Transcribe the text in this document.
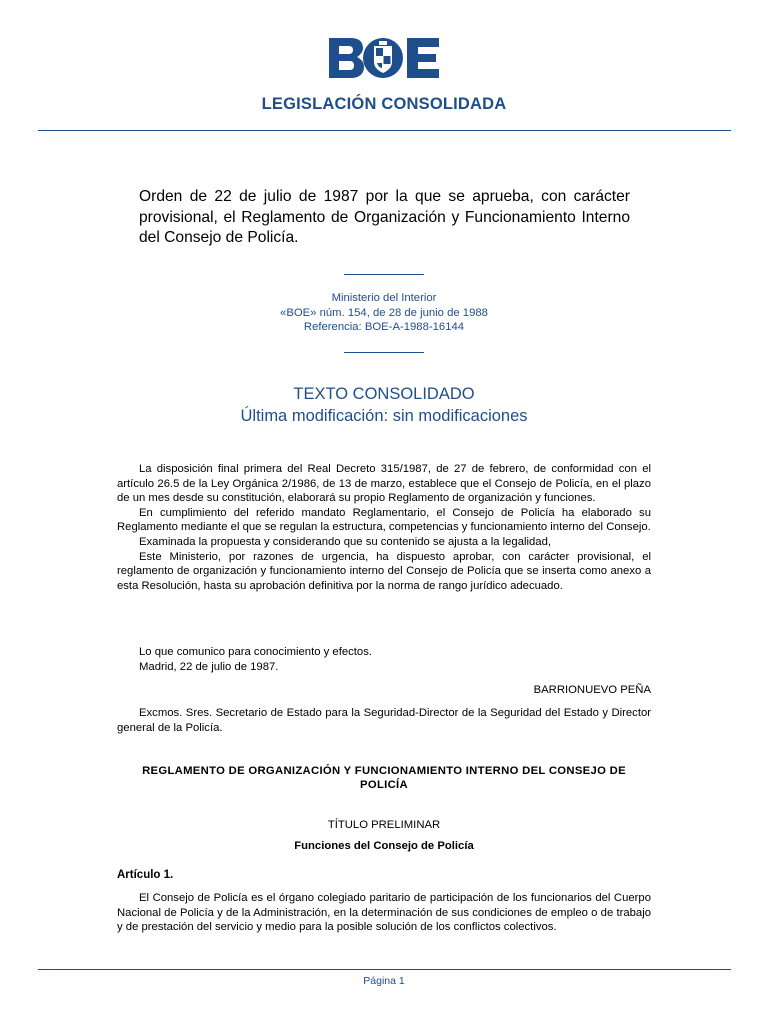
LEGISLACIÓN CONSOLIDADA
Orden de 22 de julio de 1987 por la que se aprueba, con carácter provisional, el Reglamento de Organización y Funcionamiento Interno del Consejo de Policía.
Ministerio del Interior
«BOE» núm. 154, de 28 de junio de 1988
Referencia: BOE-A-1988-16144
TEXTO CONSOLIDADO
Última modificación: sin modificaciones

La disposición final primera del Real Decreto 315/1987, de 27 de febrero, de conformidad con el artículo 26.5 de la Ley Orgánica 2/1986, de 13 de marzo, establece que el Consejo de Policía, en el plazo de un mes desde su constitución, elaborará su propio Reglamento de organización y funciones.

En cumplimiento del referido mandato Reglamentario, el Consejo de Policía ha elaborado su Reglamento mediante el que se regulan la estructura, competencias y funcionamiento interno del Consejo.

Examinada la propuesta y considerando que su contenido se ajusta a la legalidad,

Este Ministerio, por razones de urgencia, ha dispuesto aprobar, con carácter provisional, el reglamento de organización y funcionamiento interno del Consejo de Policía que se inserta como anexo a esta Resolución, hasta su aprobación definitiva por la norma de rango jurídico adecuado.

Lo que comunico para conocimiento y efectos.

Madrid, 22 de julio de 1987.

BARRIONUEVO PEÑA

Excmos. Sres. Secretario de Estado para la Seguridad-Director de la Seguridad del Estado y Director general de la Policía.

REGLAMENTO DE ORGANIZACIÓN Y FUNCIONAMIENTO INTERNO DEL CONSEJO DE POLICÍA
TÍTULO PRELIMINAR
Funciones del Consejo de Policía
Artículo 1.

El Consejo de Policía es el órgano colegiado paritario de participación de los funcionarios del Cuerpo Nacional de Policía y de la Administración, en la determinación de sus condiciones de empleo o de trabajo y de prestación del servicio y medio para la posible solución de los conflictos colectivos.

Página 1
